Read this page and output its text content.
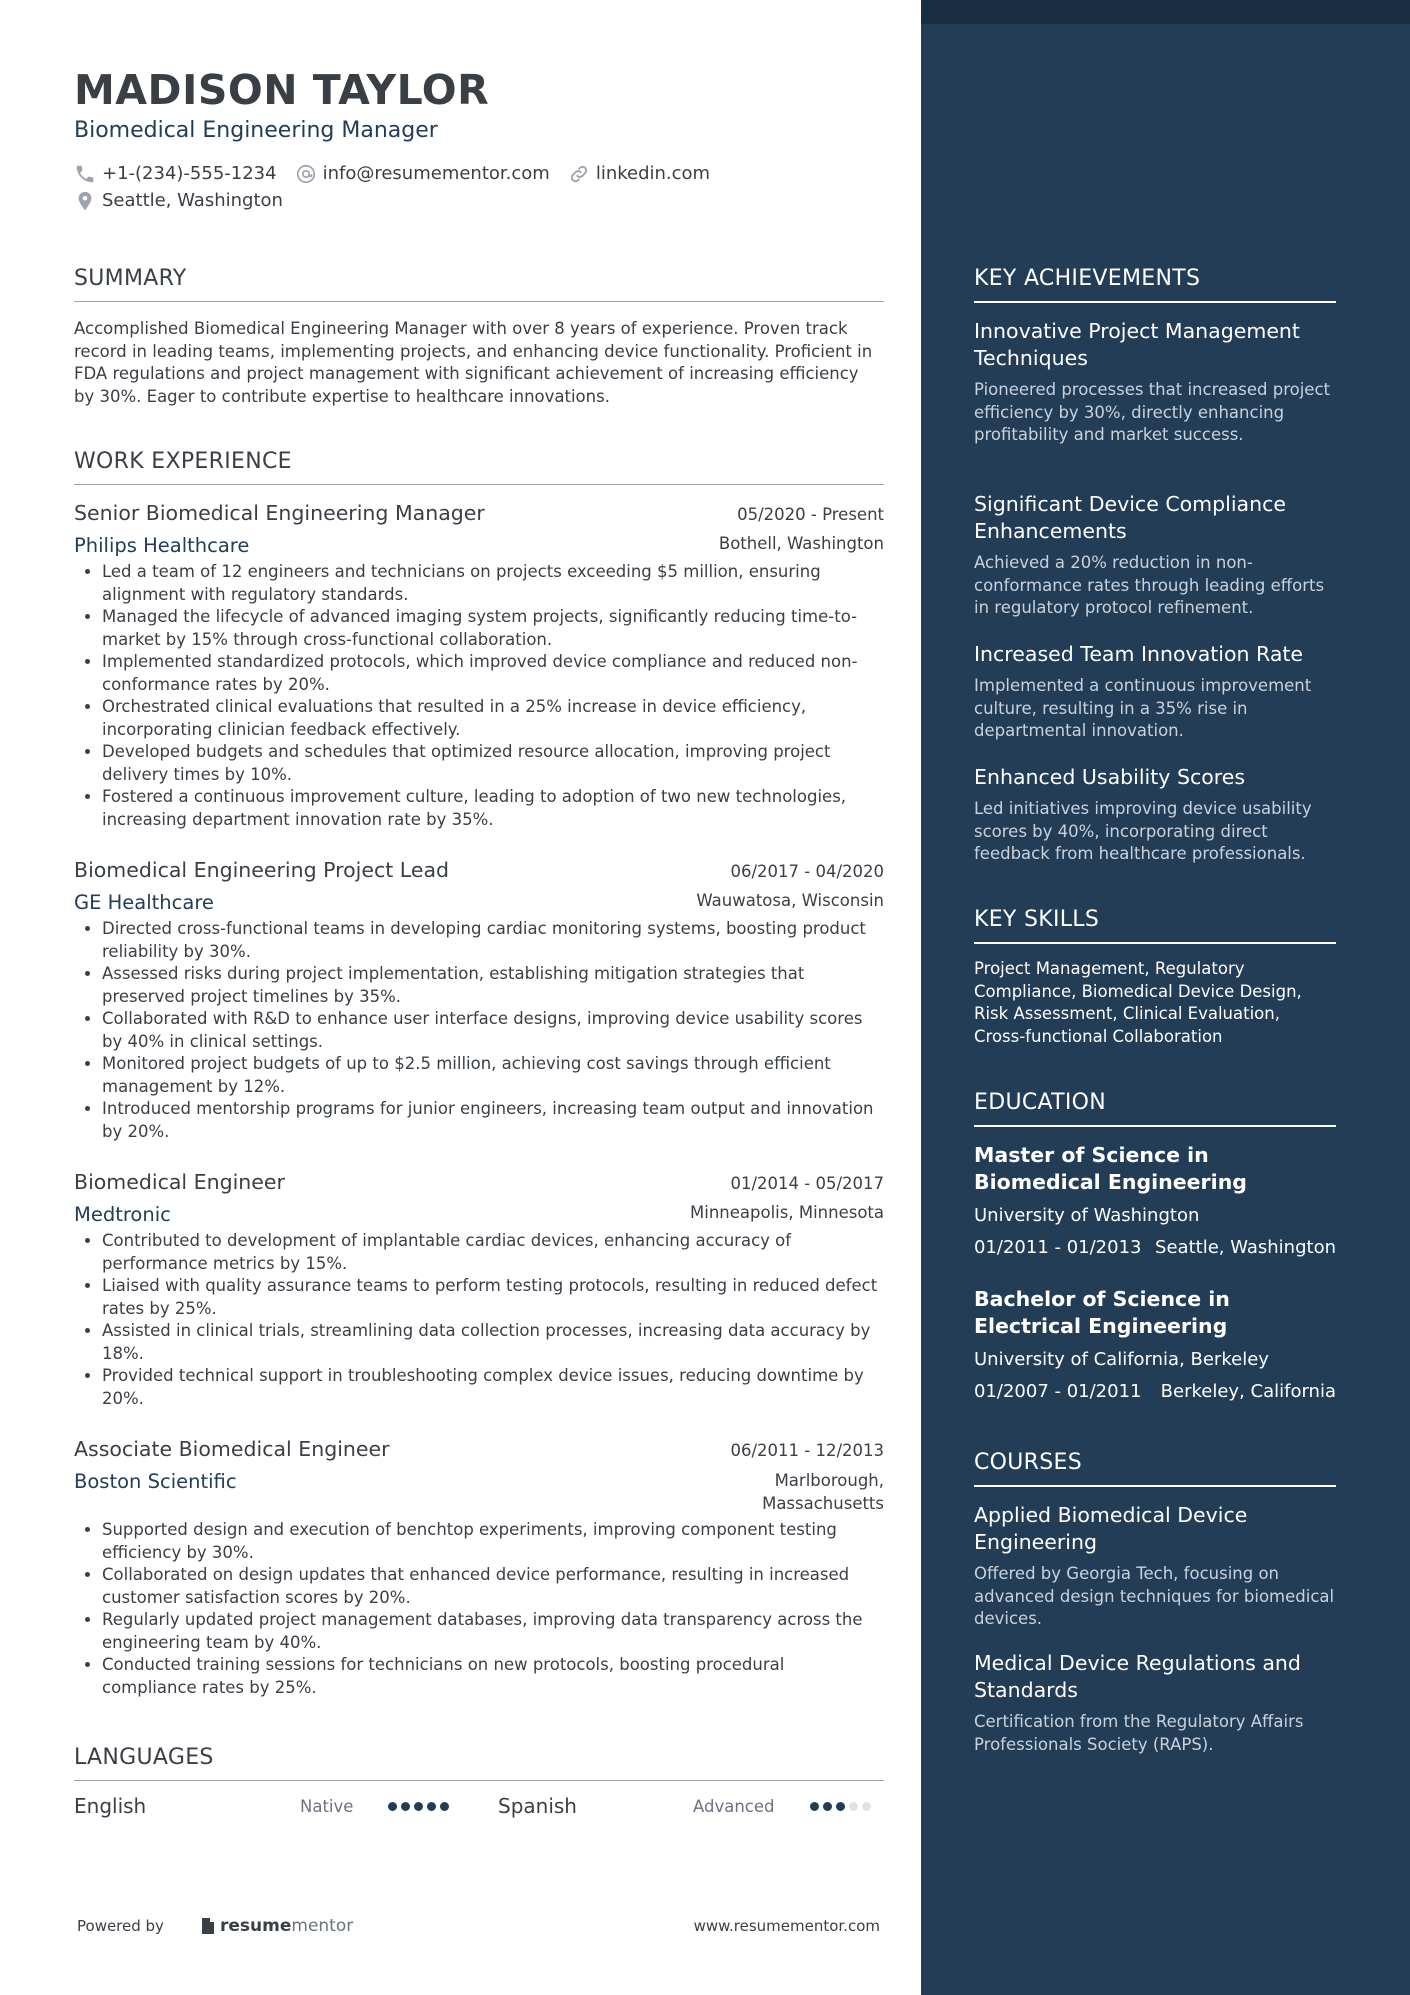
MADISON TAYLOR
Biomedical Engineering Manager
+1-(234)-555-1234	info@resumementor.com	linkedin.com
Seattle, Washington
SUMMARY
Accomplished Biomedical Engineering Manager with over 8 years of experience. Proven track record in leading teams, implementing projects, and enhancing device functionality. Proficient in FDA regulations and project management with significant achievement of increasing efficiency by 30%. Eager to contribute expertise to healthcare innovations.
WORK EXPERIENCE
Senior Biomedical Engineering Manager	05/2020 - Present
Philips Healthcare	Bothell, Washington
• Led a team of 12 engineers and technicians on projects exceeding $5 million, ensuring alignment with regulatory standards.
• Managed the lifecycle of advanced imaging system projects, significantly reducing time-to-market by 15% through cross-functional collaboration.
• Implemented standardized protocols, which improved device compliance and reduced non-conformance rates by 20%.
• Orchestrated clinical evaluations that resulted in a 25% increase in device efficiency, incorporating clinician feedback effectively.
• Developed budgets and schedules that optimized resource allocation, improving project delivery times by 10%.
• Fostered a continuous improvement culture, leading to adoption of two new technologies, increasing department innovation rate by 35%.
Biomedical Engineering Project Lead	06/2017 - 04/2020
GE Healthcare	Wauwatosa, Wisconsin
• Directed cross-functional teams in developing cardiac monitoring systems, boosting product reliability by 30%.
• Assessed risks during project implementation, establishing mitigation strategies that preserved project timelines by 35%.
• Collaborated with R&D to enhance user interface designs, improving device usability scores by 40% in clinical settings.
• Monitored project budgets of up to $2.5 million, achieving cost savings through efficient management by 12%.
• Introduced mentorship programs for junior engineers, increasing team output and innovation by 20%.
Biomedical Engineer	01/2014 - 05/2017
Medtronic	Minneapolis, Minnesota
• Contributed to development of implantable cardiac devices, enhancing accuracy of performance metrics by 15%.
• Liaised with quality assurance teams to perform testing protocols, resulting in reduced defect rates by 25%.
• Assisted in clinical trials, streamlining data collection processes, increasing data accuracy by 18%.
• Provided technical support in troubleshooting complex device issues, reducing downtime by 20%.
Associate Biomedical Engineer	06/2011 - 12/2013
Boston Scientific	Marlborough, Massachusetts
• Supported design and execution of benchtop experiments, improving component testing efficiency by 30%.
• Collaborated on design updates that enhanced device performance, resulting in increased customer satisfaction scores by 20%.
• Regularly updated project management databases, improving data transparency across the engineering team by 40%.
• Conducted training sessions for technicians on new protocols, boosting procedural compliance rates by 25%.
LANGUAGES
English	Native	Spanish	Advanced
Powered by	resume mentor	www.resumementor.com
KEY ACHIEVEMENTS
Innovative Project Management Techniques
Pioneered processes that increased project efficiency by 30%, directly enhancing profitability and market success.
Significant Device Compliance Enhancements
Achieved a 20% reduction in non-conformance rates through leading efforts in regulatory protocol refinement.
Increased Team Innovation Rate
Implemented a continuous improvement culture, resulting in a 35% rise in departmental innovation.
Enhanced Usability Scores
Led initiatives improving device usability scores by 40%, incorporating direct feedback from healthcare professionals.
KEY SKILLS
Project Management, Regulatory Compliance, Biomedical Device Design, Risk Assessment, Clinical Evaluation, Cross-functional Collaboration
EDUCATION
Master of Science in Biomedical Engineering
University of Washington
01/2011 - 01/2013 Seattle, Washington
Bachelor of Science in Electrical Engineering
University of California, Berkeley
01/2007 - 01/2011 Berkeley, California
COURSES
Applied Biomedical Device Engineering
Offered by Georgia Tech, focusing on advanced design techniques for biomedical devices.
Medical Device Regulations and Standards
Certification from the Regulatory Affairs Professionals Society (RAPS).
